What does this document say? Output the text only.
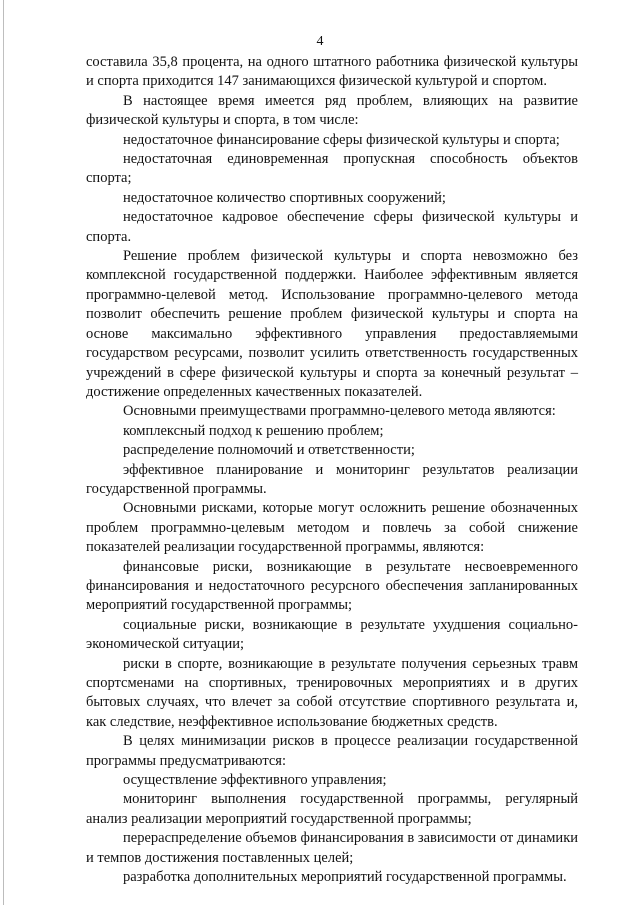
4

составила 35,8 процента, на одного штатного работника физической культуры и спорта приходится 147 занимающихся физической культурой и спортом.

В настоящее время имеется ряд проблем, влияющих на развитие физической культуры и спорта, в том числе:

недостаточное финансирование сферы физической культуры и спорта;

недостаточная единовременная пропускная способность объектов спорта;

недостаточное количество спортивных сооружений;

недостаточное кадровое обеспечение сферы физической культуры и спорта.

Решение проблем физической культуры и спорта невозможно без комплексной государственной поддержки. Наиболее эффективным является программно-целевой метод. Использование программно-целевого метода позволит обеспечить решение проблем физической культуры и спорта на основе максимально эффективного управления предоставляемыми государством ресурсами, позволит усилить ответственность государственных учреждений в сфере физической культуры и спорта за конечный результат – достижение определенных качественных показателей.

Основными преимуществами программно-целевого метода являются:

комплексный подход к решению проблем;

распределение полномочий и ответственности;

эффективное планирование и мониторинг результатов реализации государственной программы.

Основными рисками, которые могут осложнить решение обозначенных проблем программно-целевым методом и повлечь за собой снижение показателей реализации государственной программы, являются:

финансовые риски, возникающие в результате несвоевременного финансирования и недостаточного ресурсного обеспечения запланированных мероприятий государственной программы;

социальные риски, возникающие в результате ухудшения социально-экономической ситуации;

риски в спорте, возникающие в результате получения серьезных травм спортсменами на спортивных, тренировочных мероприятиях и в других бытовых случаях, что влечет за собой отсутствие спортивного результата и, как следствие, неэффективное использование бюджетных средств.

В целях минимизации рисков в процессе реализации государственной программы предусматриваются:

осуществление эффективного управления;

мониторинг выполнения государственной программы, регулярный анализ реализации мероприятий государственной программы;

перераспределение объемов финансирования в зависимости от динамики и темпов достижения поставленных целей;

разработка дополнительных мероприятий государственной программы.
